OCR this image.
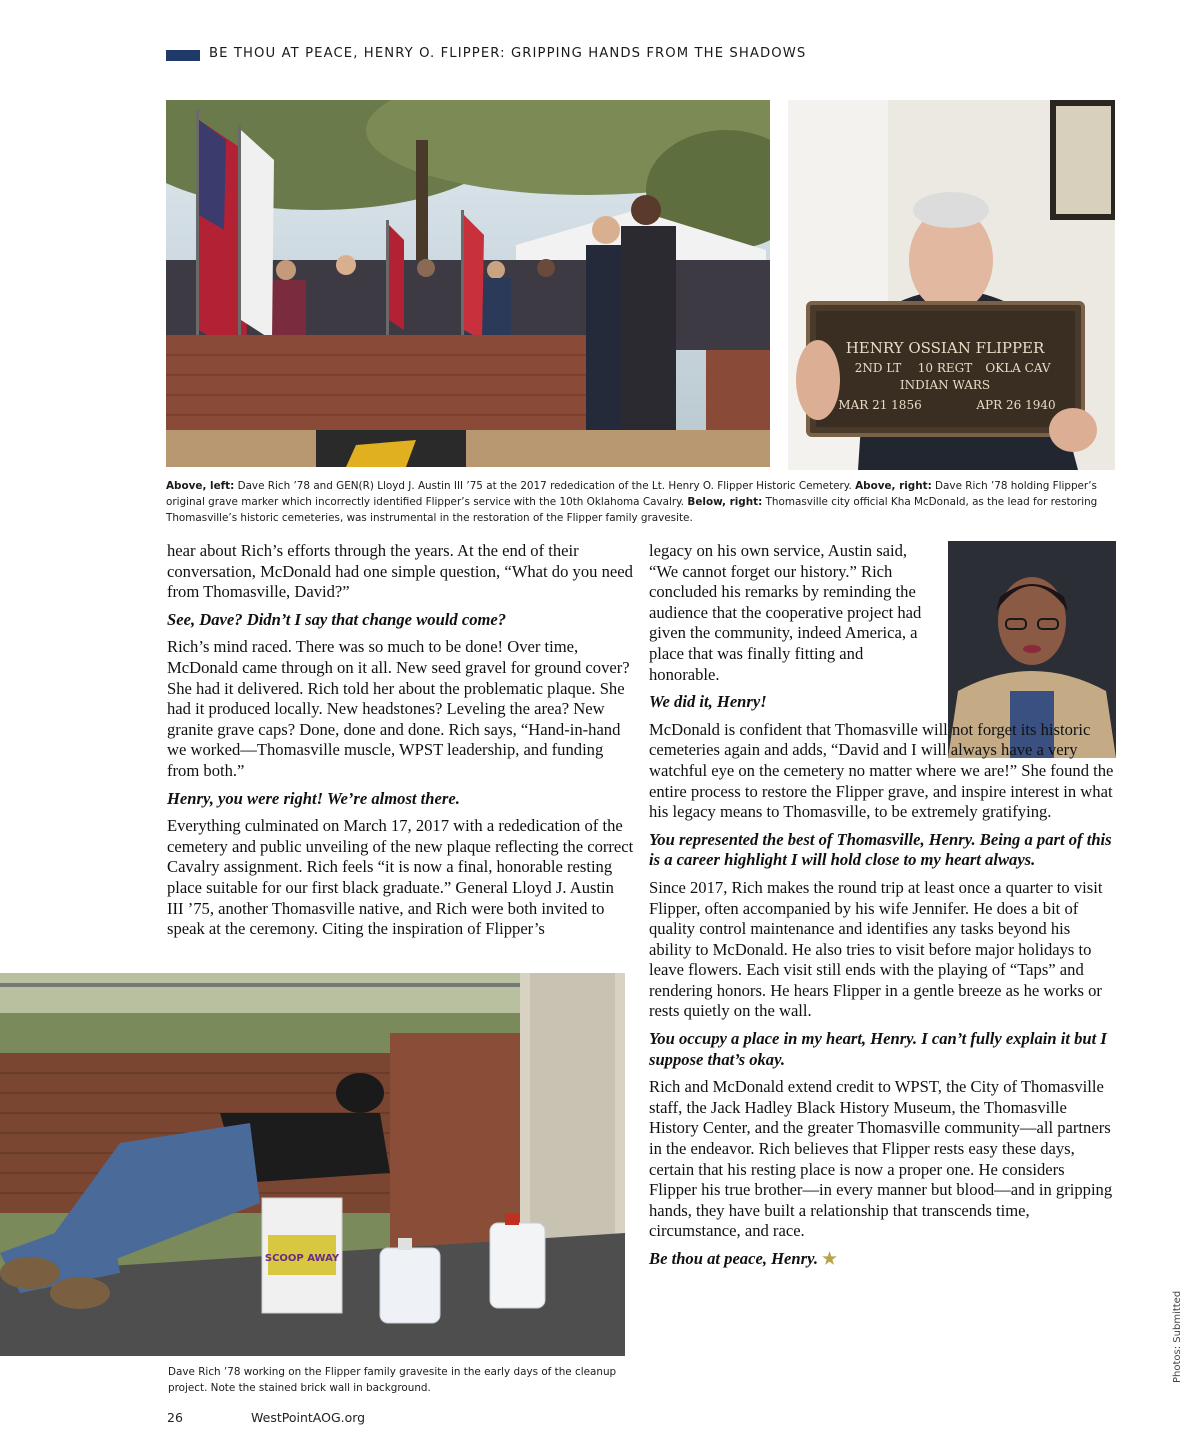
BE THOU AT PEACE, HENRY O. FLIPPER: GRIPPING HANDS FROM THE SHADOWS
HENRY OSSIAN FLIPPER
2ND LT 10 REGT OKLA CAV
INDIAN WARS
MAR 21 1856	APR 26 1940
Above, left: Dave Rich ’78 and GEN(R) Lloyd J. Austin III ’75 at the 2017 rededication of the Lt. Henry O. Flipper Historic Cemetery. Above, right: Dave Rich ’78 holding Flipper’s original grave marker which incorrectly identified Flipper’s service with the 10th Oklahoma Cavalry. Below, right: Thomasville city official Kha McDonald, as the lead for restoring Thomasville’s historic cemeteries, was instrumental in the restoration of the Flipper family gravesite.

hear about Rich’s efforts through the years. At the end of their conversation, McDonald had one simple question, “What do you need from Thomasville, David?”

See, Dave? Didn’t I say that change would come?

Rich’s mind raced. There was so much to be done! Over time, McDonald came through on it all. New seed gravel for ground cover? She had it delivered. Rich told her about the problematic plaque. She had it produced locally. New headstones? Leveling the area? New granite grave caps? Done, done and done. Rich says, “Hand-in-hand we worked—Thomasville muscle, WPST leadership, and funding from both.”

Henry, you were right! We’re almost there.

Everything culminated on March 17, 2017 with a rededication of the cemetery and public unveiling of the new plaque reflecting the correct Cavalry assignment. Rich feels “it is now a final, honorable resting place suitable for our first black graduate.” General Lloyd J. Austin III ’75, another Thomasville native, and Rich were both invited to speak at the ceremony. Citing the inspiration of Flipper’s

legacy on his own service, Austin said, “We cannot forget our history.” Rich concluded his remarks by reminding the audience that the cooperative project had given the community, indeed America, a place that was finally fitting and honorable.

We did it, Henry!

McDonald is confident that Thomasville will not forget its historic cemeteries again and adds, “David and I will always have a very watchful eye on the cemetery no matter where we are!” She found the entire process to restore the Flipper grave, and inspire interest in what his legacy means to Thomasville, to be extremely gratifying.

You represented the best of Thomasville, Henry. Being a part of this is a career highlight I will hold close to my heart always.

Since 2017, Rich makes the round trip at least once a quarter to visit Flipper, often accompanied by his wife Jennifer. He does a bit of quality control maintenance and identifies any tasks beyond his ability to McDonald. He also tries to visit before major holidays to leave flowers. Each visit still ends with the playing of “Taps” and rendering honors. He hears Flipper in a gentle breeze as he works or rests quietly on the wall.

You occupy a place in my heart, Henry. I can’t fully explain it but I suppose that’s okay.

Rich and McDonald extend credit to WPST, the City of Thomasville staff, the Jack Hadley Black History Museum, the Thomasville History Center, and the greater Thomasville community—all partners in the endeavor. Rich believes that Flipper rests easy these days, certain that his resting place is now a proper one. He considers Flipper his true brother—in every manner but blood—and in gripping hands, they have built a relationship that transcends time, circumstance, and race.

Be thou at peace, Henry. ★

SCOOP AWAY
Dave Rich ’78 working on the Flipper family gravesite in the early days of the cleanup project. Note the stained brick wall in background.
26	WestPointAOG.org
Photos: Submitted
